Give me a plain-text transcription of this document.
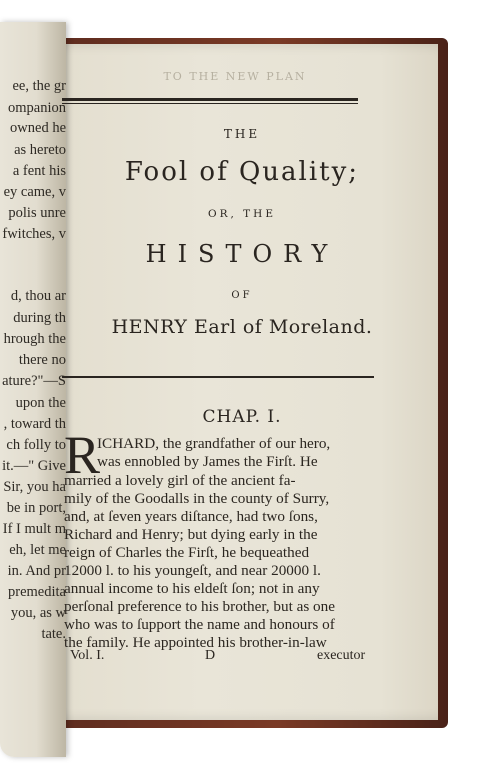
ee, the gr
ompanion
owned he
as hereto
a fent his
ey came, v
polis unre
fwitches, v
d, thou ar
during th
hrough the
there no
ature?"—S
upon the
, toward th
ch folly to
it.—" Give
Sir, you ha
be in port,
If I mult m
eh, let me
in. And pr
premedita
you, as w
tate.
TO THE NEW PLAN
THE
Fool of Quality;
OR, THE
HISTORY
OF
HENRY Earl of Moreland.
CHAP. I.
R
ICHARD, the grandfather of our hero,
was ennobled by James the Firſt. He
married a lovely girl of the ancient fa-
mily of the Goodalls in the county of Surry,
and, at ſeven years diſtance, had two ſons,
Richard and Henry; but dying early in the
reign of Charles the Firſt, he bequeathed
12000 l. to his youngeſt, and near 20000 l.
annual income to his eldeſt ſon; not in any
perſonal preference to his brother, but as one
who was to ſupport the name and honours of
the family. He appointed his brother-in-law
Vol. I.	D	executor
